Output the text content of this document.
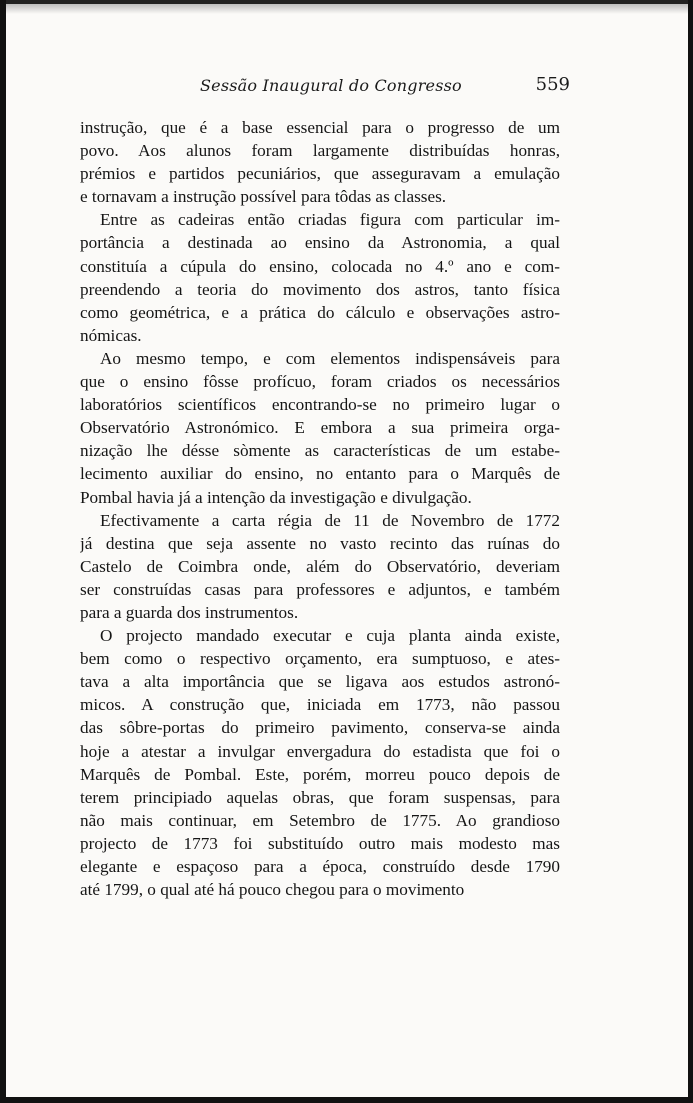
Sessão Inaugural do Congresso	559
instrução, que é a base essencial para o progresso de um
povo. Aos alunos foram largamente distribuídas honras,
prémios e partidos pecuniários, que asseguravam a emulação
e tornavam a instrução possível para tôdas as classes.
Entre as cadeiras então criadas figura com particular im-
portância a destinada ao ensino da Astronomia, a qual
constituía a cúpula do ensino, colocada no 4.º ano e com-
preendendo a teoria do movimento dos astros, tanto física
como geométrica, e a prática do cálculo e observações astro-
nómicas.
Ao mesmo tempo, e com elementos indispensáveis para
que o ensino fôsse profícuo, foram criados os necessários
laboratórios scientíficos encontrando-se no primeiro lugar o
Observatório Astronómico. E embora a sua primeira orga-
nização lhe désse sòmente as características de um estabe-
lecimento auxiliar do ensino, no entanto para o Marquês de
Pombal havia já a intenção da investigação e divulgação.
Efectivamente a carta régia de 11 de Novembro de 1772
já destina que seja assente no vasto recinto das ruínas do
Castelo de Coimbra onde, além do Observatório, deveriam
ser construídas casas para professores e adjuntos, e também
para a guarda dos instrumentos.
O projecto mandado executar e cuja planta ainda existe,
bem como o respectivo orçamento, era sumptuoso, e ates-
tava a alta importância que se ligava aos estudos astronó-
micos. A construção que, iniciada em 1773, não passou
das sôbre-portas do primeiro pavimento, conserva-se ainda
hoje a atestar a invulgar envergadura do estadista que foi o
Marquês de Pombal. Este, porém, morreu pouco depois de
terem principiado aquelas obras, que foram suspensas, para
não mais continuar, em Setembro de 1775. Ao grandioso
projecto de 1773 foi substituído outro mais modesto mas
elegante e espaçoso para a época, construído desde 1790
até 1799, o qual até há pouco chegou para o movimento
